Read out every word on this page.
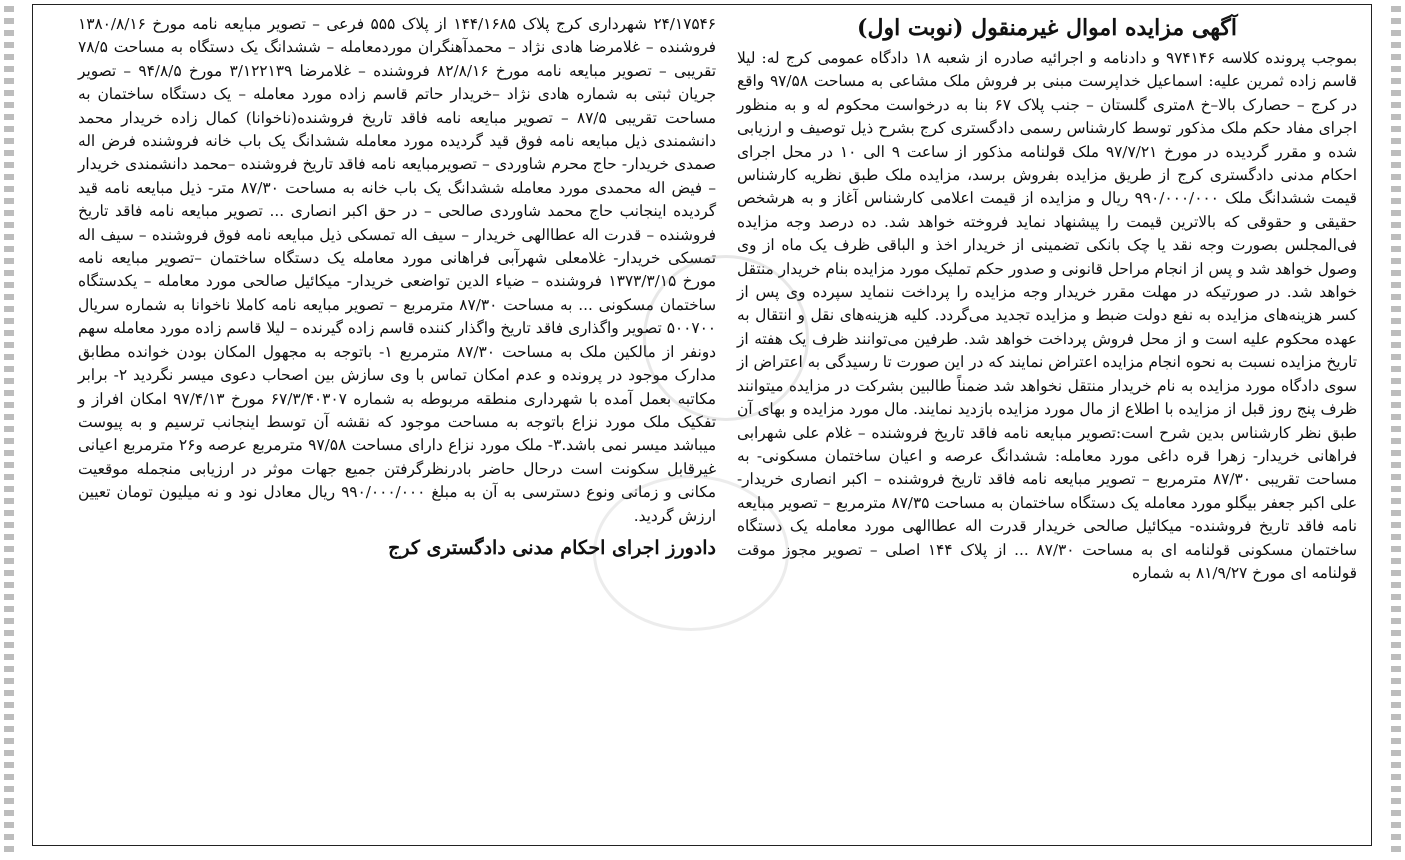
آگهی مزایده اموال غیرمنقول (نوبت اول)

بموجب پرونده کلاسه ۹۷۴۱۴۶ و دادنامه و اجرائیه صادره از شعبه ۱۸ دادگاه عمومی کرج له: لیلا قاسم زاده ثمرین علیه: اسماعیل خداپرست مبنی بر فروش ملک مشاعی به مساحت ۹۷/۵۸ واقع در کرج – حصارک بالا–خ ۸متری گلستان – جنب پلاک ۶۷ بنا به درخواست محکوم له و به منظور اجرای مفاد حکم ملک مذکور توسط کارشناس رسمی دادگستری کرج بشرح ذیل توصیف و ارزیابی شده و مقرر گردیده در مورخ ۹۷/۷/۲۱ ملک قولنامه مذکور از ساعت ۹ الی ۱۰ در محل اجرای احکام مدنی دادگستری کرج از طریق مزایده بفروش برسد، مزایده ملک طبق نظریه کارشناس قیمت ششدانگ ملک ۹۹۰/۰۰۰/۰۰۰ ریال و مزایده از قیمت اعلامی کارشناس آغاز و به هرشخص حقیقی و حقوقی که بالاترین قیمت را پیشنهاد نماید فروخته خواهد شد. ده درصد وجه مزایده فی‌المجلس بصورت وجه نقد یا چک بانکی تضمینی از خریدار اخذ و الباقی ظرف یک ماه از وی وصول خواهد شد و پس از انجام مراحل قانونی و صدور حکم تملیک مورد مزایده بنام خریدار منتقل خواهد شد. در صورتیکه در مهلت مقرر خریدار وجه مزایده را پرداخت ننماید سپرده وی پس از کسر هزینه‌های مزایده به نفع دولت ضبط و مزایده تجدید می‌گردد. کلیه هزینه‌های نقل و انتقال به عهده محکوم علیه است و از محل فروش پرداخت خواهد شد. طرفین می‌توانند ظرف یک هفته از تاریخ مزایده نسبت به نحوه انجام مزایده اعتراض نمایند که در این صورت تا رسیدگی به اعتراض از سوی دادگاه مورد مزایده به نام خریدار منتقل نخواهد شد ضمناً طالبین بشرکت در مزایده میتوانند ظرف پنج روز قبل از مزایده با اطلاع از مال مورد مزایده بازدید نمایند. مال مورد مزایده و بهای آن طبق نظر کارشناس بدین شرح است:تصویر مبایعه نامه فاقد تاریخ فروشنده – غلام علی شهرابی فراهانی خریدار- زهرا قره داغی مورد معامله: ششدانگ عرصه و اعیان ساختمان مسکونی- به مساحت تقریبی ۸۷/۳۰ مترمربع – تصویر مبایعه نامه فاقد تاریخ فروشنده – اکبر انصاری خریدار- علی اکبر جعفر بیگلو مورد معامله یک دستگاه ساختمان به مساحت ۸۷/۳۵ مترمربع – تصویر مبایعه نامه فاقد تاریخ فروشنده- میکائیل صالحی خریدار قدرت اله عطاالهی مورد معامله یک دستگاه ساختمان مسکونی قولنامه ای به مساحت ۸۷/۳۰ ... از پلاک ۱۴۴ اصلی – تصویر مجوز موقت قولنامه ای مورخ ۸۱/۹/۲۷ به شماره

۲۴/۱۷۵۴۶ شهرداری کرج پلاک ۱۴۴/۱۶۸۵ از پلاک ۵۵۵ فرعی – تصویر مبایعه نامه مورخ ۱۳۸۰/۸/۱۶ فروشنده – غلامرضا هادی نژاد – محمدآهنگران موردمعامله – ششدانگ یک دستگاه به مساحت ۷۸/۵ تقریبی – تصویر مبایعه نامه مورخ ۸۲/۸/۱۶ فروشنده – غلامرضا ۳/۱۲۲۱۳۹ مورخ ۹۴/۸/۵ – تصویر جریان ثبتی به شماره هادی نژاد –خریدار حاتم قاسم زاده مورد معامله – یک دستگاه ساختمان به مساحت تقریبی ۸۷/۵ – تصویر مبایعه نامه فاقد تاریخ فروشنده(ناخوانا) کمال زاده خریدار محمد دانشمندی ذیل مبایعه نامه فوق قید گردیده مورد معامله ششدانگ یک باب خانه فروشنده فرض اله صمدی خریدار- حاج محرم شاوردی – تصویرمبایعه نامه فاقد تاریخ فروشنده –محمد دانشمندی خریدار – فیض اله محمدی مورد معامله ششدانگ یک باب خانه به مساحت ۸۷/۳۰ متر- ذیل مبایعه نامه قید گردیده اینجانب حاج محمد شاوردی صالحی – در حق اکبر انصاری ... تصویر مبایعه نامه فاقد تاریخ فروشنده – قدرت اله عطاالهی خریدار – سیف اله تمسکی ذیل مبایعه نامه فوق فروشنده – سیف اله تمسکی خریدار- غلامعلی شهرآبی فراهانی مورد معامله یک دستگاه ساختمان –تصویر مبایعه نامه مورخ ۱۳۷۳/۳/۱۵ فروشنده – ضیاء الدین تواضعی خریدار- میکائیل صالحی مورد معامله – یکدستگاه ساختمان مسکونی ... به مساحت ۸۷/۳۰ مترمربع – تصویر مبایعه نامه کاملا ناخوانا به شماره سریال ۵۰۰۷۰۰ تصویر واگذاری فاقد تاریخ واگذار کننده قاسم زاده گیرنده – لیلا قاسم زاده مورد معامله سهم دونفر از مالکین ملک به مساحت ۸۷/۳۰ مترمربع ۱- باتوجه به مجهول المکان بودن خوانده مطابق مدارک موجود در پرونده و عدم امکان تماس با وی سازش بین اصحاب دعوی میسر نگردید ۲- برابر مکاتبه بعمل آمده با شهرداری منطقه مربوطه به شماره ۶۷/۳/۴۰۳۰۷ مورخ ۹۷/۴/۱۳ امکان افراز و تفکیک ملک مورد نزاع باتوجه به مساحت موجود که نقشه آن توسط اینجانب ترسیم و به پیوست میباشد میسر نمی باشد.۳- ملک مورد نزاع دارای مساحت ۹۷/۵۸ مترمربع عرصه و۲۶ مترمربع اعیانی غیرقابل سکونت است درحال حاضر بادرنظرگرفتن جمیع جهات موثر در ارزیابی منجمله موقعیت مکانی و زمانی ونوع دسترسی به آن به مبلغ ۹۹۰/۰۰۰/۰۰۰ ریال معادل نود و نه میلیون تومان تعیین ارزش گردید.

دادورز اجرای احکام مدنی دادگستری کرج
